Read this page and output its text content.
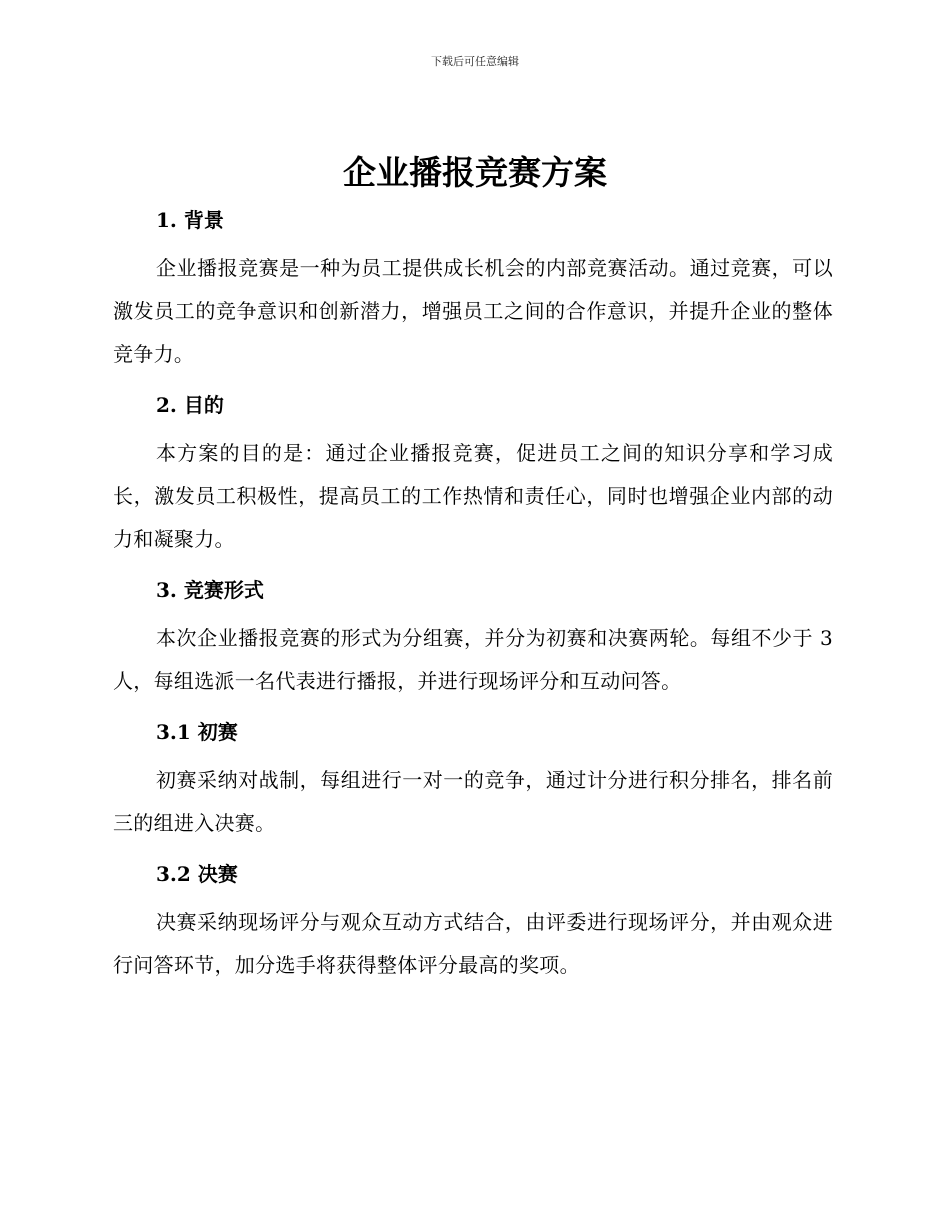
下载后可任意编辑
企业播报竞赛方案
1. 背景

企业播报竞赛是一种为员工提供成长机会的内部竞赛活动。通过竞赛，可以激发员工的竞争意识和创新潜力，增强员工之间的合作意识，并提升企业的整体竞争力。

2. 目的

本方案的目的是：通过企业播报竞赛，促进员工之间的知识分享和学习成长，激发员工积极性，提高员工的工作热情和责任心，同时也增强企业内部的动力和凝聚力。

3. 竞赛形式

本次企业播报竞赛的形式为分组赛，并分为初赛和决赛两轮。每组不少于 3 人，每组选派一名代表进行播报，并进行现场评分和互动问答。

3.1 初赛

初赛采纳对战制，每组进行一对一的竞争，通过计分进行积分排名，排名前三的组进入决赛。

3.2 决赛

决赛采纳现场评分与观众互动方式结合，由评委进行现场评分，并由观众进行问答环节，加分选手将获得整体评分最高的奖项。
